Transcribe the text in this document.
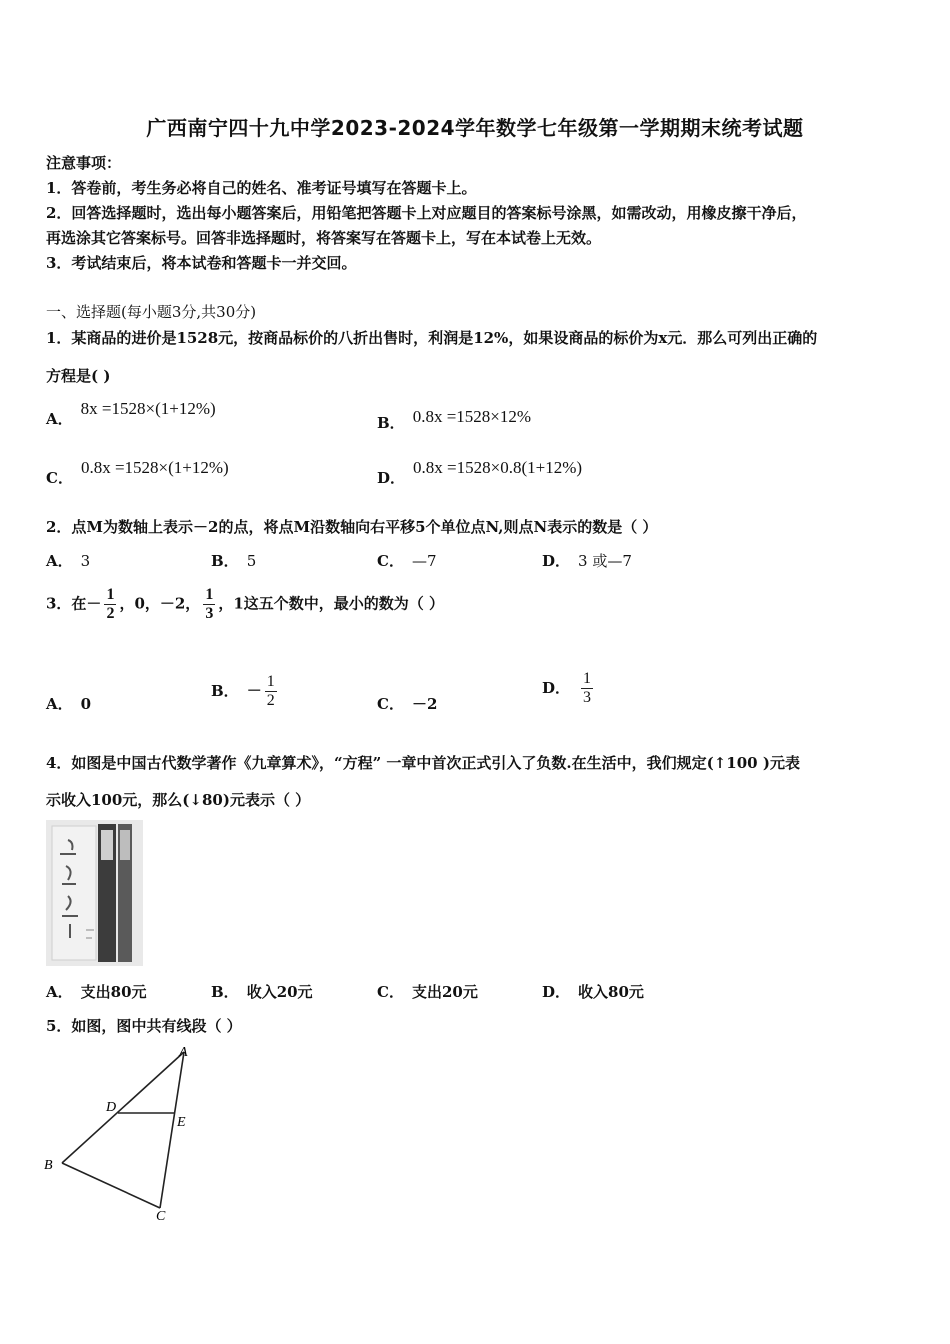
广西南宁四十九中学2023-2024学年数学七年级第一学期期末统考试题
注意事项：
1．答卷前，考生务必将自己的姓名、准考证号填写在答题卡上。
2．回答选择题时，选出每小题答案后，用铅笔把答题卡上对应题目的答案标号涂黑，如需改动，用橡皮擦干净后，
再选涂其它答案标号。回答非选择题时，将答案写在答题卡上，写在本试卷上无效。
3．考试结束后，将本试卷和答题卡一并交回。
一、选择题(每小题3分,共30分)
1．某商品的进价是1528元，按商品标价的八折出售时，利润是12%，如果设商品的标价为x元．那么可列出正确的
方程是( )
A．8x =1528×(1+12%)
B． 0.8x =1528×12%
C．0.8x =1528×(1+12%)
D．0.8x =1528×0.8(1+12%)
2．点M为数轴上表示－2的点，将点M沿数轴向右平移5个单位点N,则点N表示的数是（ ）
A． 3	B． 5	C． —7	D． 3 或—7
3．在－ $\frac{1}{2}$ ，0，－2， $\frac{1}{3}$ ，1这五个数中，最小的数为（ ）
A． 0
B． － $\frac{1}{2}$	C． －2
D． $\frac{1}{3}$
4．如图是中国古代数学著作《九章算术》，“方程” 一章中首次正式引入了负数.在生活中，我们规定(↑100 )元表
示收入100元，那么(↓80)元表示（ ）
A． 支出80元	B． 收入20元	C． 支出20元	D． 收入80元
5．如图，图中共有线段（ ）
A
D
E
B
C
